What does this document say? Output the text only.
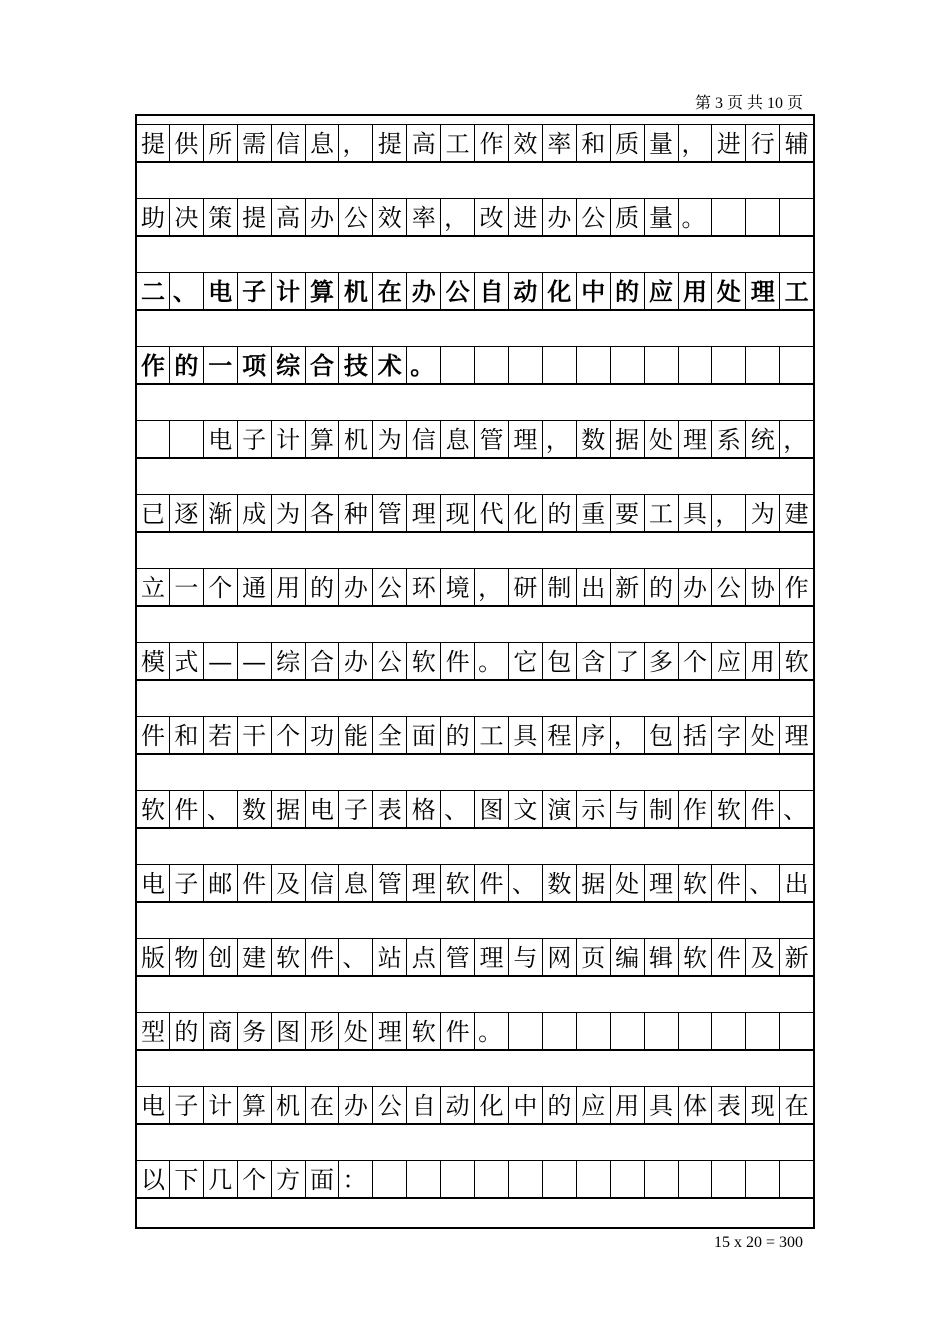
第 3 页 共 10 页
提 供 所 需 信 息 ， 提 高 工 作 效 率 和 质 量 ， 进 行 辅
助 决 策 提 高 办 公 效 率 ， 改 进 办 公 质 量 。
二 、 电 子 计 算 机 在 办 公 自 动 化 中 的 应 用 处 理 工
作 的 一 项 综 合 技 术 。
电 子 计 算 机 为 信 息 管 理 ， 数 据 处 理 系 统 ，
已 逐 渐 成 为 各 种 管 理 现 代 化 的 重 要 工 具 ， 为 建
立 一 个 通 用 的 办 公 环 境 ， 研 制 出 新 的 办 公 协 作
模 式 — — 综 合 办 公 软 件 。 它 包 含 了 多 个 应 用 软
件 和 若 干 个 功 能 全 面 的 工 具 程 序 ， 包 括 字 处 理
软 件 、 数 据 电 子 表 格 、 图 文 演 示 与 制 作 软 件 、
电 子 邮 件 及 信 息 管 理 软 件 、 数 据 处 理 软 件 、 出
版 物 创 建 软 件 、 站 点 管 理 与 网 页 编 辑 软 件 及 新
型 的 商 务 图 形 处 理 软 件 。
电 子 计 算 机 在 办 公 自 动 化 中 的 应 用 具 体 表 现 在
以 下 几 个 方 面 ：
15 x 20 = 300
